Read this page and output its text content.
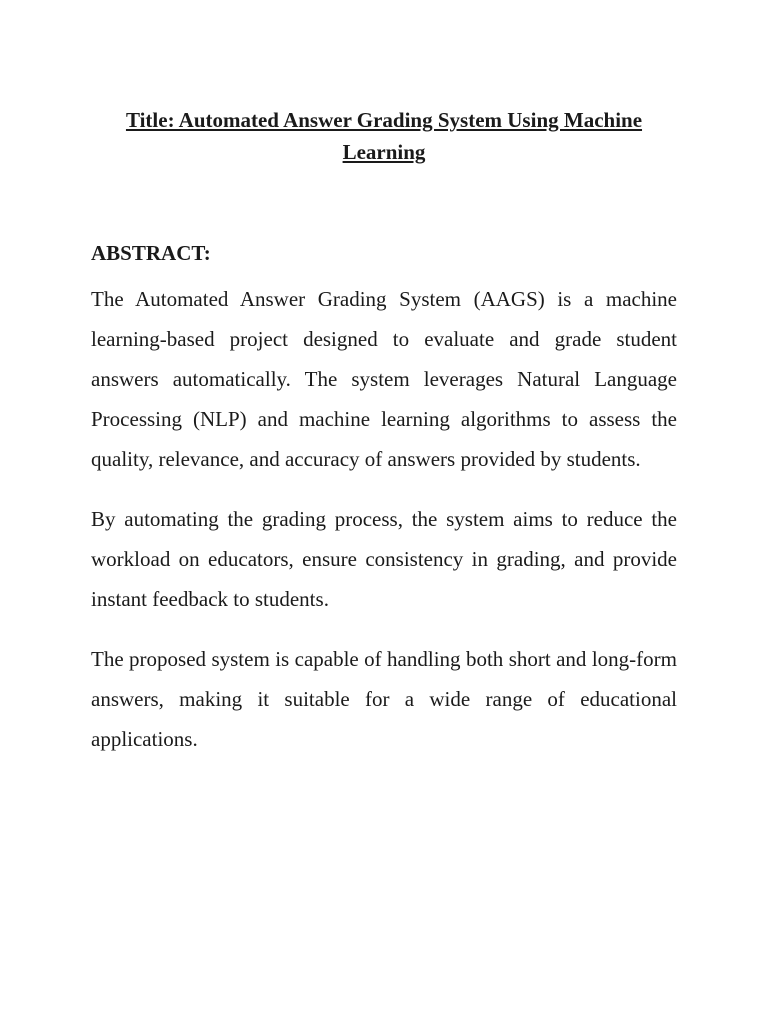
Title: Automated Answer Grading System Using Machine Learning
ABSTRACT:

The Automated Answer Grading System (AAGS) is a machine learning-based project designed to evaluate and grade student answers automatically. The system leverages Natural Language Processing (NLP) and machine learning algorithms to assess the quality, relevance, and accuracy of answers provided by students.

By automating the grading process, the system aims to reduce the workload on educators, ensure consistency in grading, and provide instant feedback to students.

The proposed system is capable of handling both short and long-form answers, making it suitable for a wide range of educational applications.
